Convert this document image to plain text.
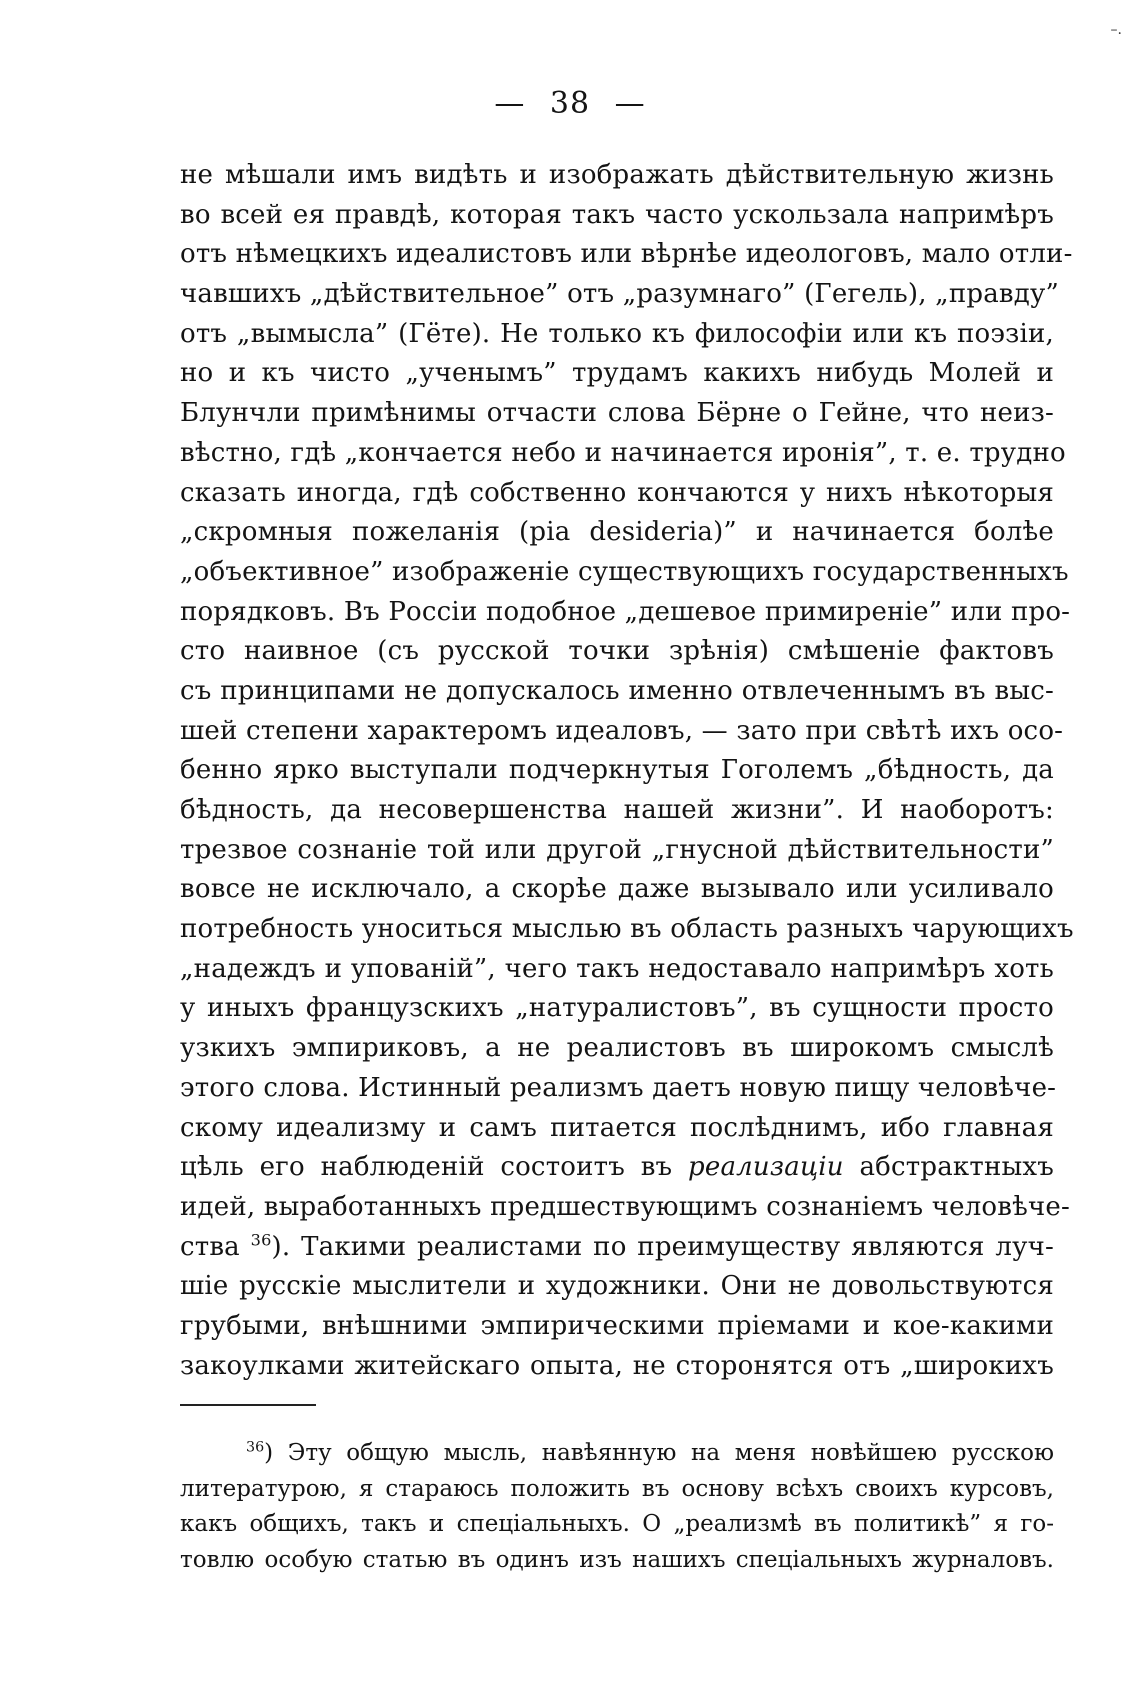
–.
— 38 —
не мѣшали имъ видѣть и изображать дѣйствительную жизнь
во всей ея правдѣ, которая такъ часто ускользала напримѣръ
отъ нѣмецкихъ идеалистовъ или вѣрнѣе идеологовъ, мало отли-
чавшихъ „дѣйствительное” отъ „разумнаго” (Гегель), „правду”
отъ „вымысла” (Гёте). Не только къ философіи или къ поэзіи,
но и къ чисто „ученымъ” трудамъ какихъ нибудь Молей и
Блунчли примѣнимы отчасти слова Бёрне о Гейне, что неиз-
вѣстно, гдѣ „кончается небо и начинается иронія”, т. е. трудно
сказать иногда, гдѣ собственно кончаются у нихъ нѣкоторыя
„скромныя пожеланія (pia desideria)” и начинается болѣе
„объективное” изображеніе существующихъ государственныхъ
порядковъ. Въ Россіи подобное „дешевое примиреніе” или про-
сто наивное (съ русской точки зрѣнія) смѣшеніе фактовъ
съ принципами не допускалось именно отвлеченнымъ въ выс-
шей степени характеромъ идеаловъ, — зато при свѣтѣ ихъ осо-
бенно ярко выступали подчеркнутыя Гоголемъ „бѣдность, да
бѣдность, да несовершенства нашей жизни”. И наоборотъ:
трезвое сознаніе той или другой „гнусной дѣйствительности”
вовсе не исключало, а скорѣе даже вызывало или усиливало
потребность уноситься мыслью въ область разныхъ чарующихъ
„надеждъ и упованій”, чего такъ недоставало напримѣръ хоть
у иныхъ французскихъ „натуралистовъ”, въ сущности просто
узкихъ эмпириковъ, а не реалистовъ въ широкомъ смыслѣ
этого слова. Истинный реализмъ даетъ новую пищу человѣче-
скому идеализму и самъ питается послѣднимъ, ибо главная
цѣль его наблюденій состоитъ въ реализаціи абстрактныхъ
идей, выработанныхъ предшествующимъ сознаніемъ человѣче-
ства $^{36}$). Такими реалистами по преимуществу являются луч-
шіе русскіе мыслители и художники. Они не довольствуются
грубыми, внѣшними эмпирическими пріемами и кое-какими
закоулками житейскаго опыта, не сторонятся отъ „широкихъ
$^{36}$) Эту общую мысль, навѣянную на меня новѣйшею русскою
литературою, я стараюсь положить въ основу всѣхъ своихъ курсовъ,
какъ общихъ, такъ и спеціальныхъ. О „реализмѣ въ политикѣ” я го-
товлю особую статью въ одинъ изъ нашихъ спеціальныхъ журналовъ.
